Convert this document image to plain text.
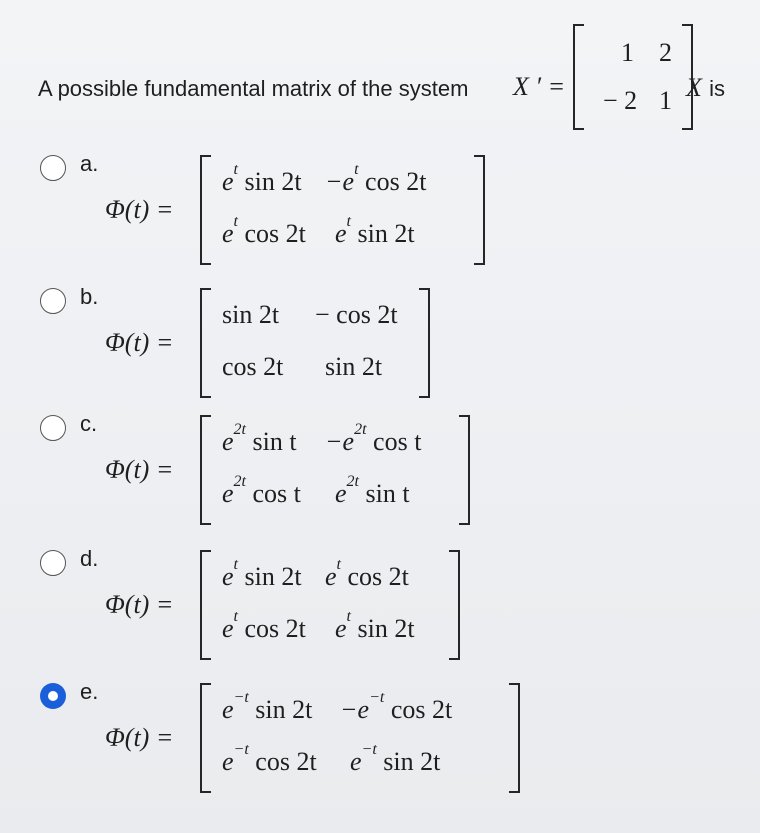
A possible fundamental matrix of the system X ′ =
1 2
− 2 1 X is
a.
Φ(t) =
$e^t$ $\sin 2t -e^t$ cos 2t
$e^t$ cos 2t $e^t$ sin 2t
b.
Φ(t) =
sin 2t − cos 2t
cos 2t sin 2t
c.
Φ(t) =
$e^{2t}$ $\sin t -e^{2t}$ cos t
$e^{2t}$ cos t $e^{2t}$ sin t
d.
Φ(t) =
$e^t$ sin 2t $e^t$ cos 2t
$e^t$ cos 2t $e^t$ sin 2t
e.
Φ(t) =
$e^{-t}$ $\sin 2t -e^{-t}$ cos 2t
$e^{-t}$ cos 2t $e^{-t}$ sin 2t
